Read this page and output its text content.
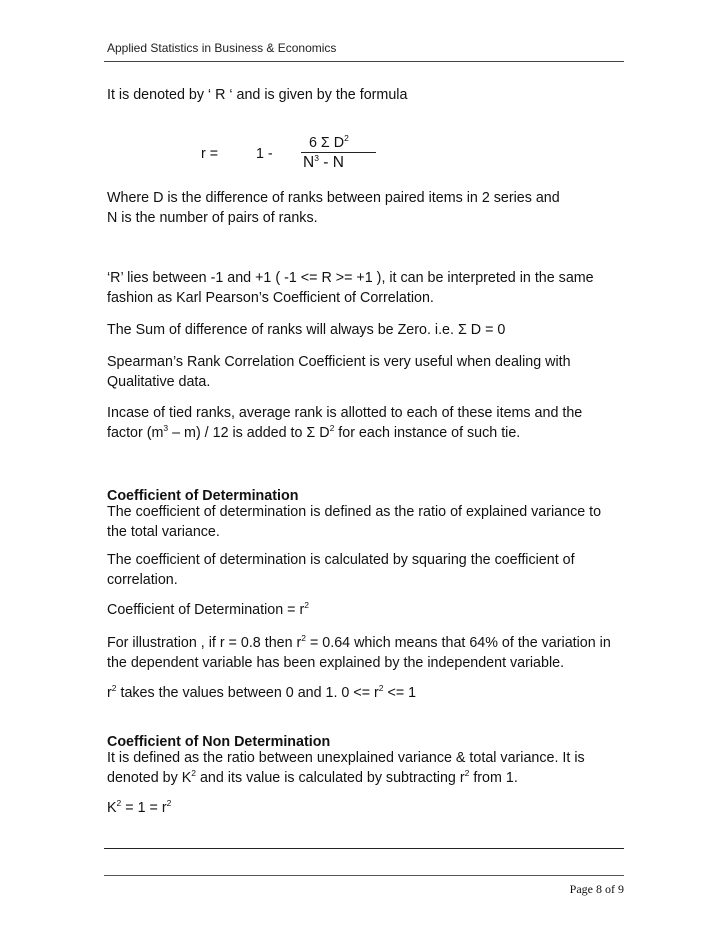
Applied Statistics in Business & Economics

It is denoted by ‘ R ‘ and is given by the formula

r =	1 -
6 Σ $D^2$
$N^3$ - N

Where D is the difference of ranks between paired items in 2 series and
N is the number of pairs of ranks.

‘R’ lies between -1 and +1 ( -1 <= R >= +1 ), it can be interpreted in the same fashion as Karl Pearson’s Coefficient of Correlation.

The Sum of difference of ranks will always be Zero. i.e. Σ D = 0

Spearman’s Rank Correlation Coefficient is very useful when dealing with Qualitative data.

Incase of tied ranks, average rank is allotted to each of these items and the factor $(m^3 - m) / 12$ is added to Σ $D^2$ for each instance of such tie.

Coefficient of Determination

The coefficient of determination is defined as the ratio of explained variance to the total variance.

The coefficient of determination is calculated by squaring the coefficient of correlation.

Coefficient of Determination = $r^2$

For illustration , if r = 0.8 then $r^2 = 0.64$ which means that 64% of the variation in the dependent variable has been explained by the independent variable.

$r^2$ takes the values between 0 and 1. $0 <= r^2 <= 1$

Coefficient of Non Determination

It is defined as the ratio between unexplained variance & total variance. It is denoted by $K^2$ and its value is calculated by subtracting $r^2$ from 1.

$K^2 = 1 = r^2$

Page 8 of 9
